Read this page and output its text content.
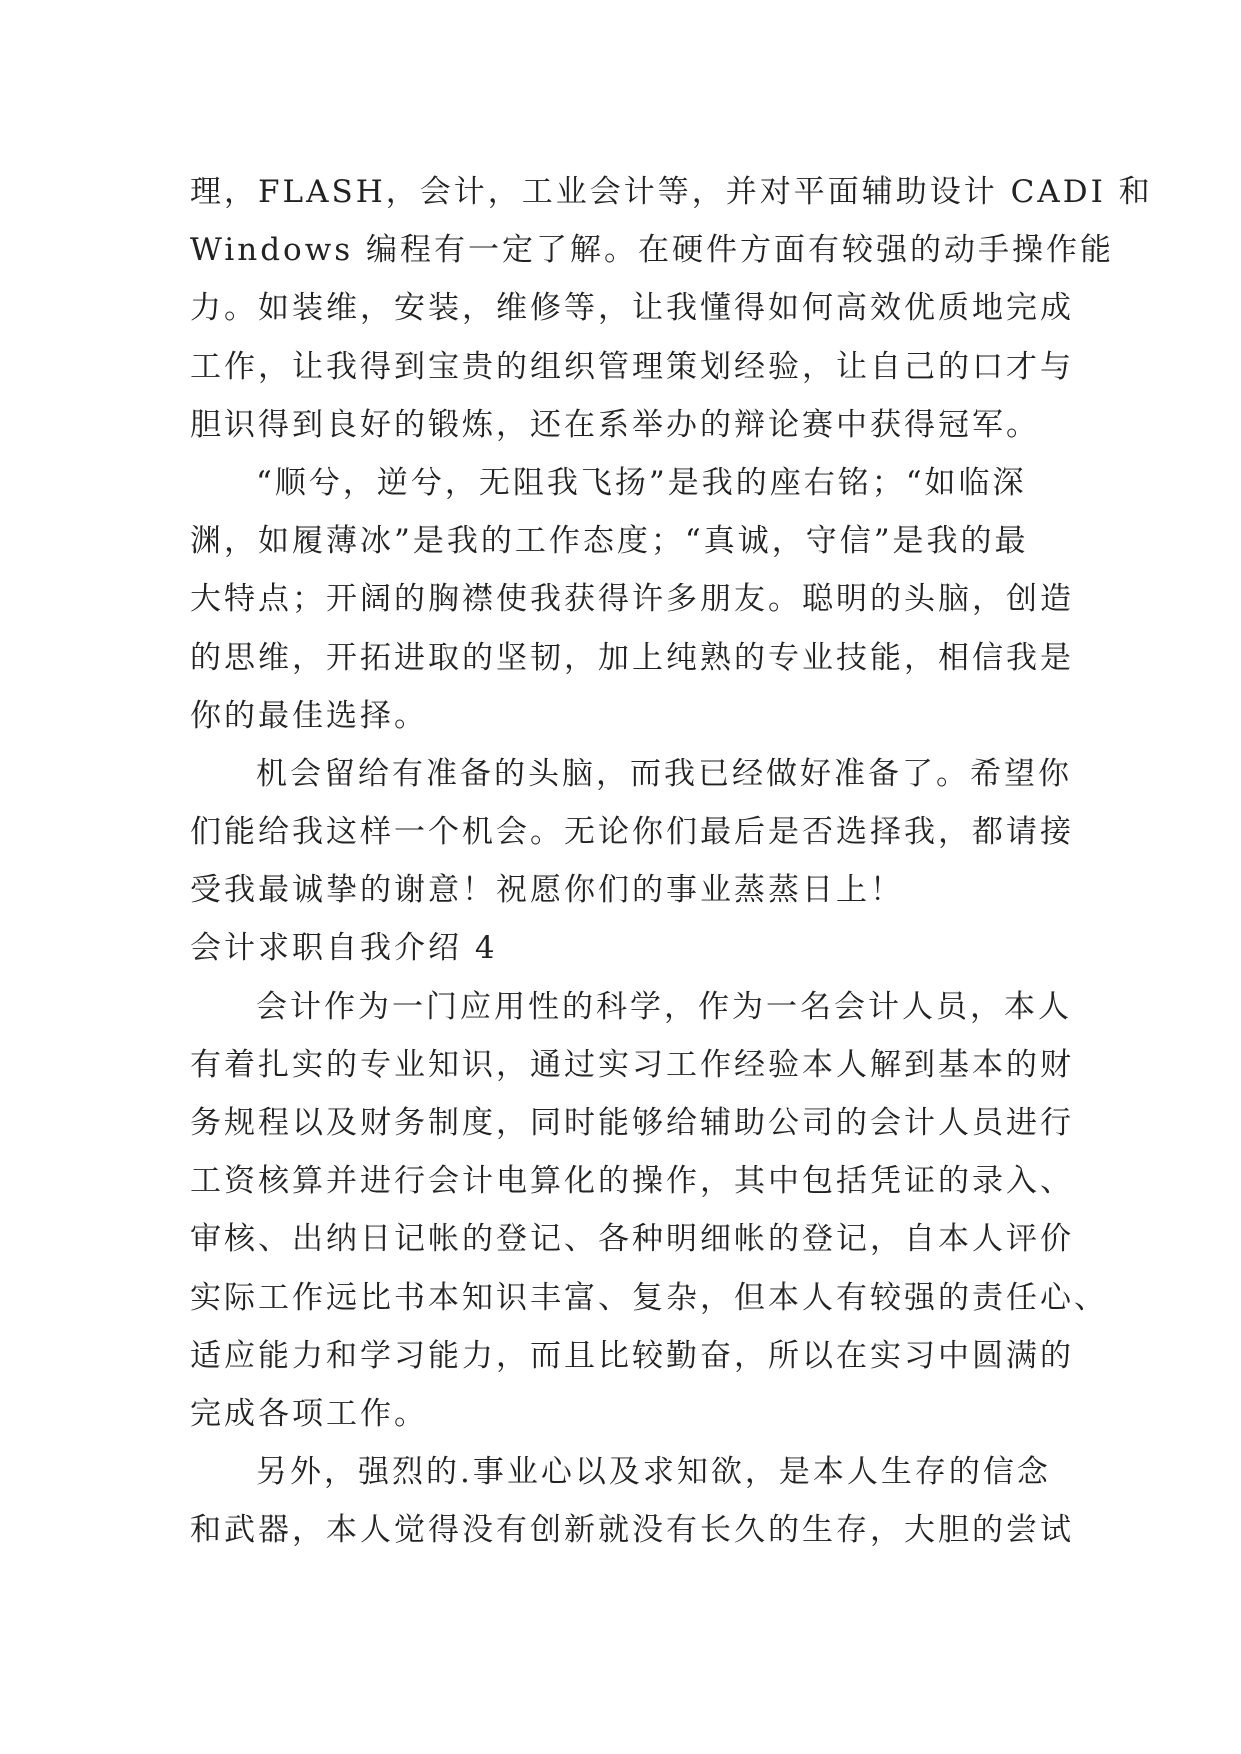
理，FLASH，会计，工业会计等，并对平面辅助设计 CADI 和
Windows 编程有一定了解。在硬件方面有较强的动手操作能
力。如装维，安装，维修等，让我懂得如何高效优质地完成
工作，让我得到宝贵的组织管理策划经验，让自己的口才与
胆识得到良好的锻炼，还在系举办的辩论赛中获得冠军。
“顺兮，逆兮，无阻我飞扬”是我的座右铭；“如临深
渊，如履薄冰”是我的工作态度；“真诚，守信”是我的最
大特点；开阔的胸襟使我获得许多朋友。聪明的头脑，创造
的思维，开拓进取的坚韧，加上纯熟的专业技能，相信我是
你的最佳选择。
机会留给有准备的头脑，而我已经做好准备了。希望你
们能给我这样一个机会。无论你们最后是否选择我，都请接
受我最诚挚的谢意！祝愿你们的事业蒸蒸日上！
会计求职自我介绍 4
会计作为一门应用性的科学，作为一名会计人员，本人
有着扎实的专业知识，通过实习工作经验本人解到基本的财
务规程以及财务制度，同时能够给辅助公司的会计人员进行
工资核算并进行会计电算化的操作，其中包括凭证的录入、
审核、出纳日记帐的登记、各种明细帐的登记，自本人评价
实际工作远比书本知识丰富、复杂，但本人有较强的责任心、
适应能力和学习能力，而且比较勤奋，所以在实习中圆满的
完成各项工作。
另外，强烈的.事业心以及求知欲，是本人生存的信念
和武器，本人觉得没有创新就没有长久的生存，大胆的尝试
